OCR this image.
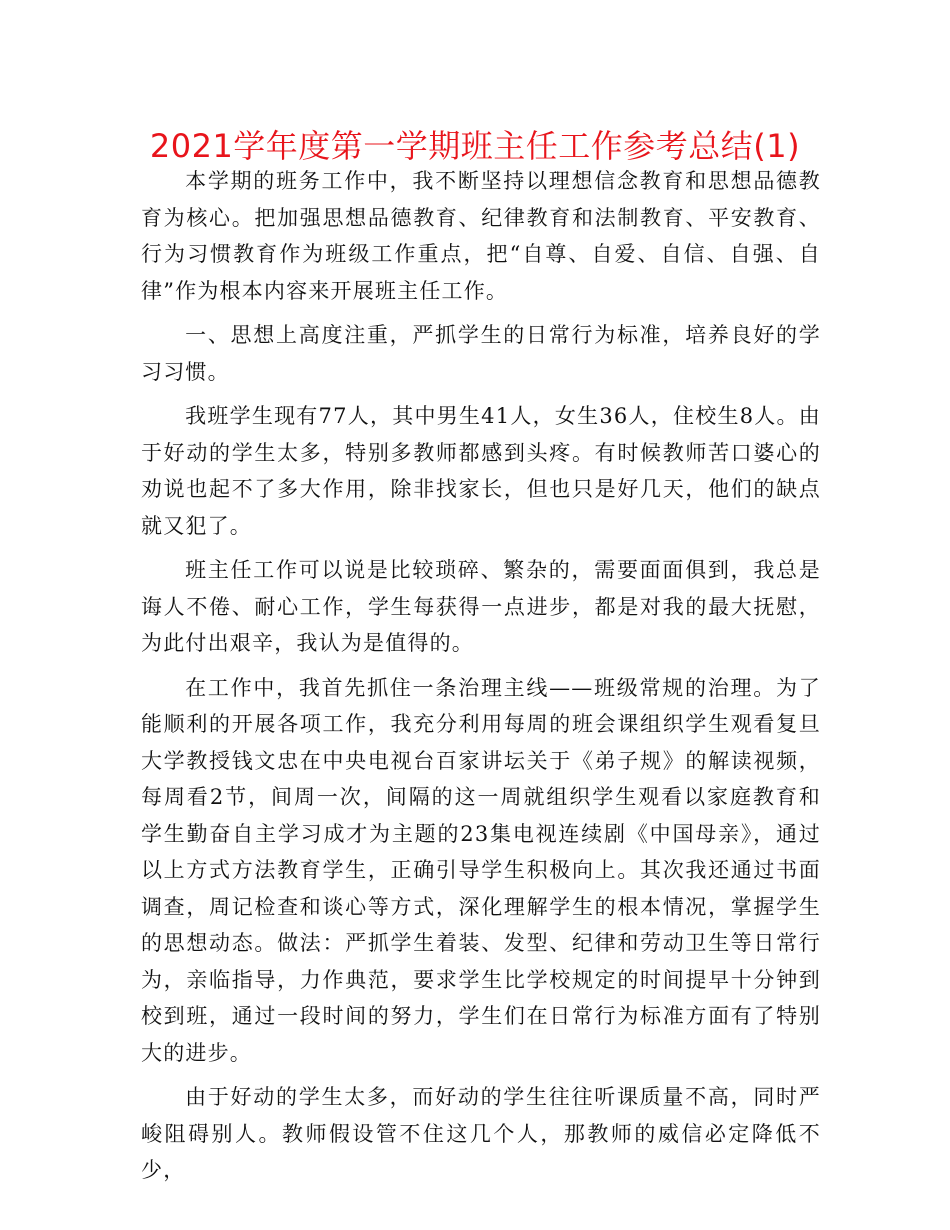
2021学年度第一学期班主任工作参考总结(1)

本学期的班务工作中，我不断坚持以理想信念教育和思想品德教育为核心。把加强思想品德教育、纪律教育和法制教育、平安教育、行为习惯教育作为班级工作重点，把“自尊、自爱、自信、自强、自律”作为根本内容来开展班主任工作。

一、思想上高度注重，严抓学生的日常行为标准，培养良好的学习习惯。

我班学生现有77人，其中男生41人，女生36人，住校生8人。由于好动的学生太多，特别多教师都感到头疼。有时候教师苦口婆心的劝说也起不了多大作用，除非找家长，但也只是好几天，他们的缺点就又犯了。

班主任工作可以说是比较琐碎、繁杂的，需要面面俱到，我总是诲人不倦、耐心工作，学生每获得一点进步，都是对我的最大抚慰，为此付出艰辛，我认为是值得的。

在工作中，我首先抓住一条治理主线——班级常规的治理。为了能顺利的开展各项工作，我充分利用每周的班会课组织学生观看复旦大学教授钱文忠在中央电视台百家讲坛关于《弟子规》的解读视频，每周看2节，间周一次，间隔的这一周就组织学生观看以家庭教育和学生勤奋自主学习成才为主题的23集电视连续剧《中国母亲》，通过以上方式方法教育学生，正确引导学生积极向上。其次我还通过书面调查，周记检查和谈心等方式，深化理解学生的根本情况，掌握学生的思想动态。做法：严抓学生着装、发型、纪律和劳动卫生等日常行为，亲临指导，力作典范，要求学生比学校规定的时间提早十分钟到校到班，通过一段时间的努力，学生们在日常行为标准方面有了特别大的进步。

由于好动的学生太多，而好动的学生往往听课质量不高，同时严峻阻碍别人。教师假设管不住这几个人，那教师的威信必定降低不少，
